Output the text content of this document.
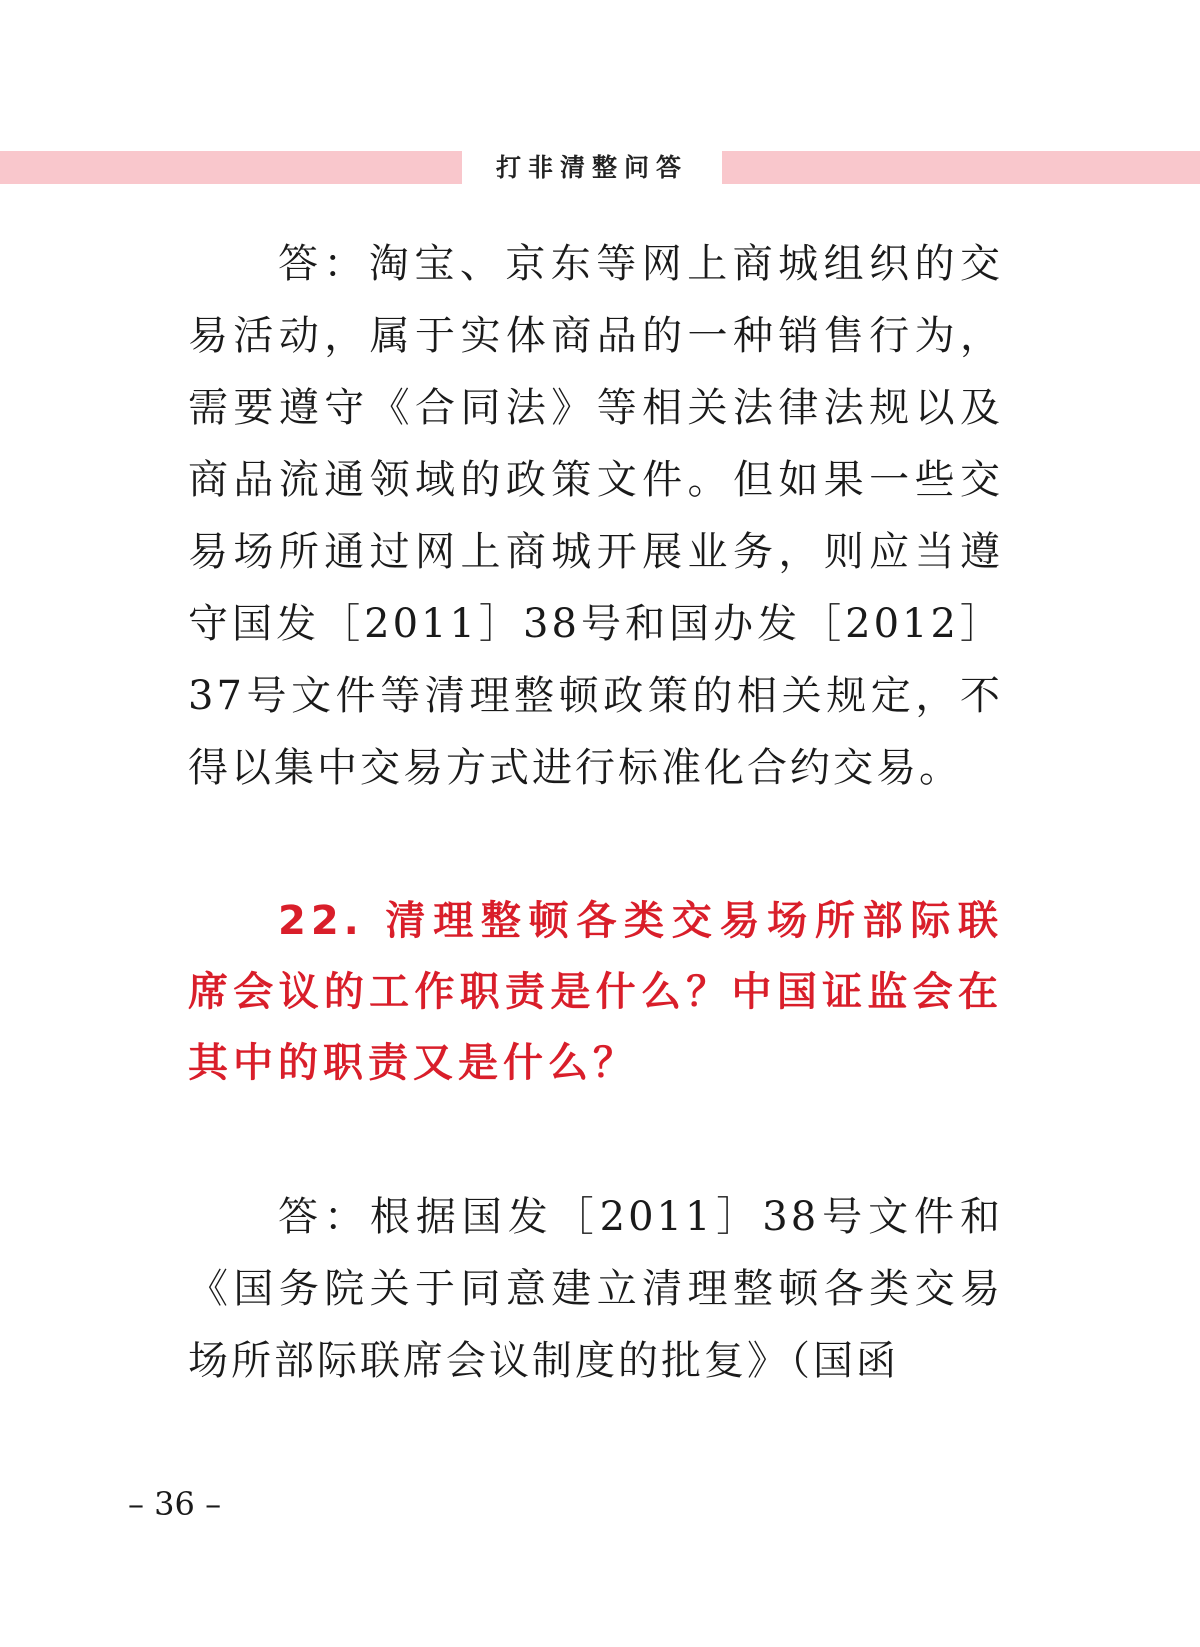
打非清整问答

答：淘宝、京东等网上商城组织的交易活动，属于实体商品的一种销售行为，需要遵守《合同法》等相关法律法规以及商品流通领域的政策文件。但如果一些交易场所通过网上商城开展业务，则应当遵守国发［2011］38号和国办发［2012］37号文件等清理整顿政策的相关规定，不得以集中交易方式进行标准化合约交易。

22. 清理整顿各类交易场所部际联席会议的工作职责是什么？中国证监会在其中的职责又是什么？

答：根据国发［2011］38号文件和《国务院关于同意建立清理整顿各类交易场所部际联席会议制度的批复》（国函

– 36 –
